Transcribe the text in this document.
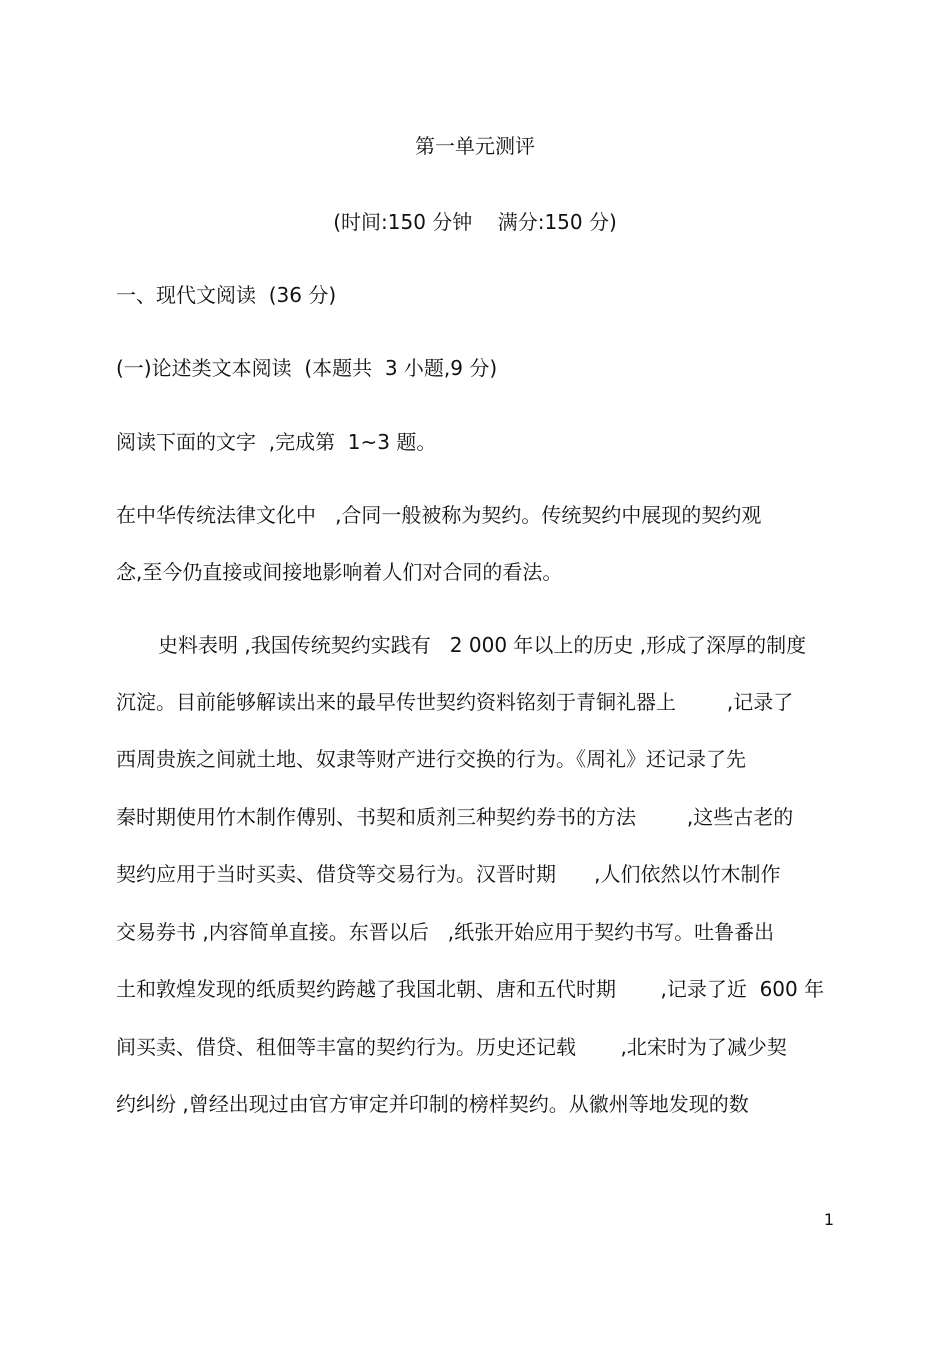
第一单元测评
(时间:150 分钟    满分:150 分)
一、现代文阅读  (36 分)
(一)论述类文本阅读  (本题共  3 小题,9 分)
阅读下面的文字  ,完成第  1~3 题。
在中华传统法律文化中   ,合同一般被称为契约。传统契约中展现的契约观
念,至今仍直接或间接地影响着人们对合同的看法。
史料表明 ,我国传统契约实践有   2 000 年以上的历史 ,形成了深厚的制度
沉淀。目前能够解读出来的最早传世契约资料铭刻于青铜礼器上        ,记录了
西周贵族之间就土地、奴隶等财产进行交换的行为。《周礼》还记录了先
秦时期使用竹木制作傅别、书契和质剂三种契约券书的方法        ,这些古老的
契约应用于当时买卖、借贷等交易行为。汉晋时期      ,人们依然以竹木制作
交易券书 ,内容简单直接。东晋以后   ,纸张开始应用于契约书写。吐鲁番出
土和敦煌发现的纸质契约跨越了我国北朝、唐和五代时期       ,记录了近  600 年
间买卖、借贷、租佃等丰富的契约行为。历史还记载       ,北宋时为了减少契
约纠纷 ,曾经出现过由官方审定并印制的榜样契约。从徽州等地发现的数
1
